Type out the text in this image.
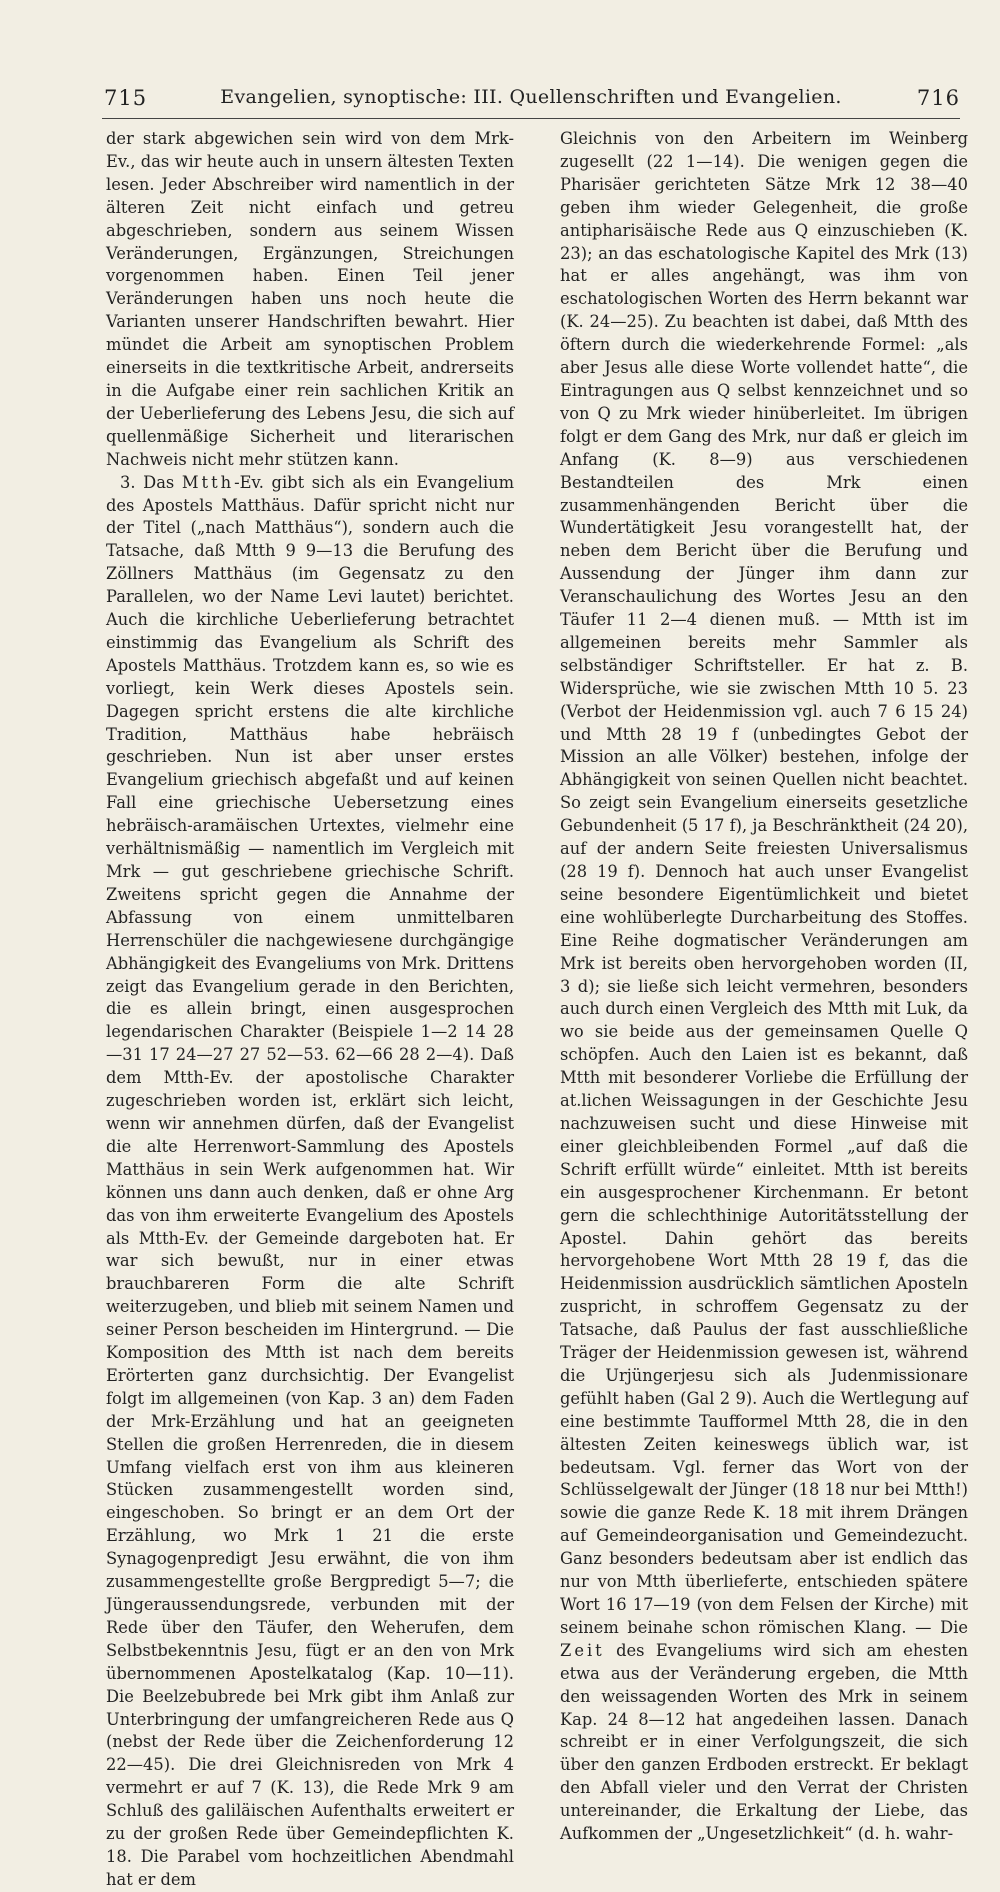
715	Evangelien, synoptische: III. Quellenschriften und Evangelien.	716

der stark abgewichen sein wird von dem Mrk-Ev., das wir heute auch in unsern ältesten Texten lesen. Jeder Abschreiber wird namentlich in der älteren Zeit nicht einfach und getreu abgeschrieben, sondern aus seinem Wissen Veränderungen, Ergänzungen, Streichungen vorgenommen haben. Einen Teil jener Veränderungen haben uns noch heute die Varianten unserer Handschriften bewahrt. Hier mündet die Arbeit am synoptischen Problem einerseits in die textkritische Arbeit, andrerseits in die Aufgabe einer rein sachlichen Kritik an der Ueberlieferung des Lebens Jesu, die sich auf quellenmäßige Sicherheit und literarischen Nachweis nicht mehr stützen kann.

3. Das Mtth-Ev. gibt sich als ein Evangelium des Apostels Matthäus. Dafür spricht nicht nur der Titel („nach Matthäus“), sondern auch die Tatsache, daß Mtth 9 9—13 die Berufung des Zöllners Matthäus (im Gegensatz zu den Parallelen, wo der Name Levi lautet) berichtet. Auch die kirchliche Ueberlieferung betrachtet einstimmig das Evangelium als Schrift des Apostels Matthäus. Trotzdem kann es, so wie es vorliegt, kein Werk dieses Apostels sein. Dagegen spricht erstens die alte kirchliche Tradition, Matthäus habe hebräisch geschrieben. Nun ist aber unser erstes Evangelium griechisch abgefaßt und auf keinen Fall eine griechische Uebersetzung eines hebräisch-aramäischen Urtextes, vielmehr eine verhältnismäßig — namentlich im Vergleich mit Mrk — gut geschriebene griechische Schrift. Zweitens spricht gegen die Annahme der Abfassung von einem unmittelbaren Herrenschüler die nachgewiesene durchgängige Abhängigkeit des Evangeliums von Mrk. Drittens zeigt das Evangelium gerade in den Berichten, die es allein bringt, einen ausgesprochen legendarischen Charakter (Beispiele 1—2 14 28—31 17 24—27 27 52—53. 62—66 28 2—4). Daß dem Mtth-Ev. der apostolische Charakter zugeschrieben worden ist, erklärt sich leicht, wenn wir annehmen dürfen, daß der Evangelist die alte Herrenwort-Sammlung des Apostels Matthäus in sein Werk aufgenommen hat. Wir können uns dann auch denken, daß er ohne Arg das von ihm erweiterte Evangelium des Apostels als Mtth-Ev. der Gemeinde dargeboten hat. Er war sich bewußt, nur in einer etwas brauchbareren Form die alte Schrift weiterzugeben, und blieb mit seinem Namen und seiner Person bescheiden im Hintergrund. — Die Komposition des Mtth ist nach dem bereits Erörterten ganz durchsichtig. Der Evangelist folgt im allgemeinen (von Kap. 3 an) dem Faden der Mrk-Erzählung und hat an geeigneten Stellen die großen Herrenreden, die in diesem Umfang vielfach erst von ihm aus kleineren Stücken zusammengestellt worden sind, eingeschoben. So bringt er an dem Ort der Erzählung, wo Mrk 1 21 die erste Synagogenpredigt Jesu erwähnt, die von ihm zusammengestellte große Bergpredigt 5—7; die Jüngeraussendungsrede, verbunden mit der Rede über den Täufer, den Weherufen, dem Selbstbekenntnis Jesu, fügt er an den von Mrk übernommenen Apostelkatalog (Kap. 10—11). Die Beelzebubrede bei Mrk gibt ihm Anlaß zur Unterbringung der umfangreicheren Rede aus Q (nebst der Rede über die Zeichenforderung 12 22—45). Die drei Gleichnisreden von Mrk 4 vermehrt er auf 7 (K. 13), die Rede Mrk 9 am Schluß des galiläischen Aufenthalts erweitert er zu der großen Rede über Gemeindepflichten K. 18. Die Parabel vom hochzeitlichen Abendmahl hat er dem

Gleichnis von den Arbeitern im Weinberg zugesellt (22 1—14). Die wenigen gegen die Pharisäer gerichteten Sätze Mrk 12 38—40 geben ihm wieder Gelegenheit, die große antipharisäische Rede aus Q einzuschieben (K. 23); an das eschatologische Kapitel des Mrk (13) hat er alles angehängt, was ihm von eschatologischen Worten des Herrn bekannt war (K. 24—25). Zu beachten ist dabei, daß Mtth des öftern durch die wiederkehrende Formel: „als aber Jesus alle diese Worte vollendet hatte“, die Eintragungen aus Q selbst kennzeichnet und so von Q zu Mrk wieder hinüberleitet. Im übrigen folgt er dem Gang des Mrk, nur daß er gleich im Anfang (K. 8—9) aus verschiedenen Bestandteilen des Mrk einen zusammenhängenden Bericht über die Wundertätigkeit Jesu vorangestellt hat, der neben dem Bericht über die Berufung und Aussendung der Jünger ihm dann zur Veranschaulichung des Wortes Jesu an den Täufer 11 2—4 dienen muß. — Mtth ist im allgemeinen bereits mehr Sammler als selbständiger Schriftsteller. Er hat z. B. Widersprüche, wie sie zwischen Mtth 10 5. 23 (Verbot der Heidenmission vgl. auch 7 6 15 24) und Mtth 28 19 f (unbedingtes Gebot der Mission an alle Völker) bestehen, infolge der Abhängigkeit von seinen Quellen nicht beachtet. So zeigt sein Evangelium einerseits gesetzliche Gebundenheit (5 17 f), ja Beschränktheit (24 20), auf der andern Seite freiesten Universalismus (28 19 f). Dennoch hat auch unser Evangelist seine besondere Eigentümlichkeit und bietet eine wohlüberlegte Durcharbeitung des Stoffes. Eine Reihe dogmatischer Veränderungen am Mrk ist bereits oben hervorgehoben worden (II, 3 d); sie ließe sich leicht vermehren, besonders auch durch einen Vergleich des Mtth mit Luk, da wo sie beide aus der gemeinsamen Quelle Q schöpfen. Auch den Laien ist es bekannt, daß Mtth mit besonderer Vorliebe die Erfüllung der at.lichen Weissagungen in der Geschichte Jesu nachzuweisen sucht und diese Hinweise mit einer gleichbleibenden Formel „auf daß die Schrift erfüllt würde“ einleitet. Mtth ist bereits ein ausgesprochener Kirchenmann. Er betont gern die schlechthinige Autoritätsstellung der Apostel. Dahin gehört das bereits hervorgehobene Wort Mtth 28 19 f, das die Heidenmission ausdrücklich sämtlichen Aposteln zuspricht, in schroffem Gegensatz zu der Tatsache, daß Paulus der fast ausschließliche Träger der Heidenmission gewesen ist, während die Urjüngerjesu sich als Judenmissionare gefühlt haben (Gal 2 9). Auch die Wertlegung auf eine bestimmte Taufformel Mtth 28, die in den ältesten Zeiten keineswegs üblich war, ist bedeutsam. Vgl. ferner das Wort von der Schlüsselgewalt der Jünger (18 18 nur bei Mtth!) sowie die ganze Rede K. 18 mit ihrem Drängen auf Gemeindeorganisation und Gemeindezucht. Ganz besonders bedeutsam aber ist endlich das nur von Mtth überlieferte, entschieden spätere Wort 16 17—19 (von dem Felsen der Kirche) mit seinem beinahe schon römischen Klang. — Die Zeit des Evangeliums wird sich am ehesten etwa aus der Veränderung ergeben, die Mtth den weissagenden Worten des Mrk in seinem Kap. 24 8—12 hat angedeihen lassen. Danach schreibt er in einer Verfolgungszeit, die sich über den ganzen Erdboden erstreckt. Er beklagt den Abfall vieler und den Verrat der Christen untereinander, die Erkaltung der Liebe, das Aufkommen der „Ungesetzlichkeit“ (d. h. wahr-
